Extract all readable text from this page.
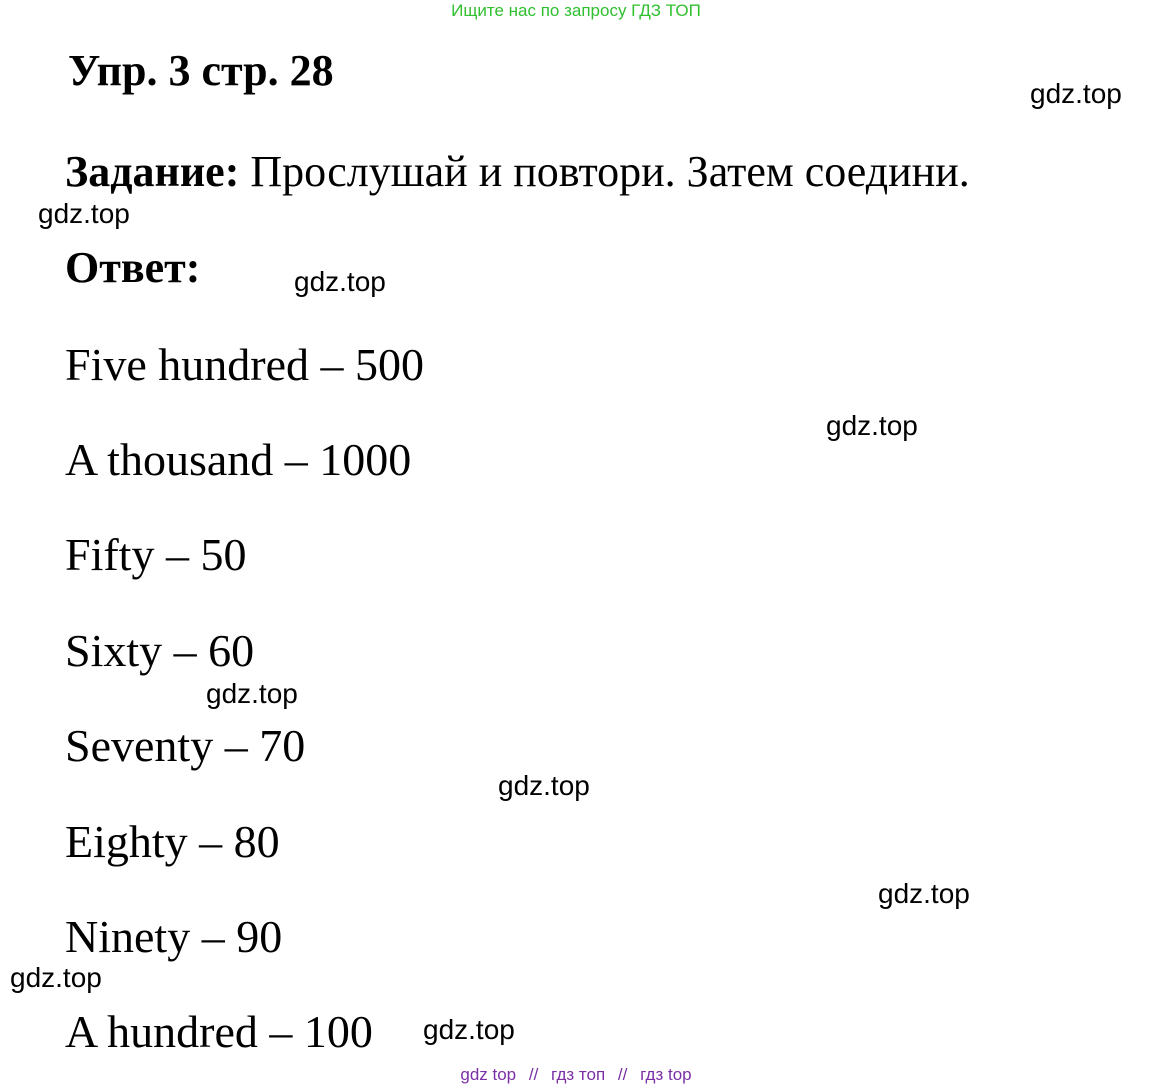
Ищите нас по запросу ГДЗ ТОП
Упр. 3 стр. 28
Задание: Прослушай и повтори. Затем соедини.
Ответ:
Five hundred – 500
A thousand – 1000
Fifty – 50
Sixty – 60
Seventy – 70
Eighty – 80
Ninety – 90
A hundred – 100
gdz.top
gdz.top
gdz.top
gdz.top
gdz.top
gdz.top
gdz.top
gdz.top
gdz.top
gdz top // гдз топ // гдз top
